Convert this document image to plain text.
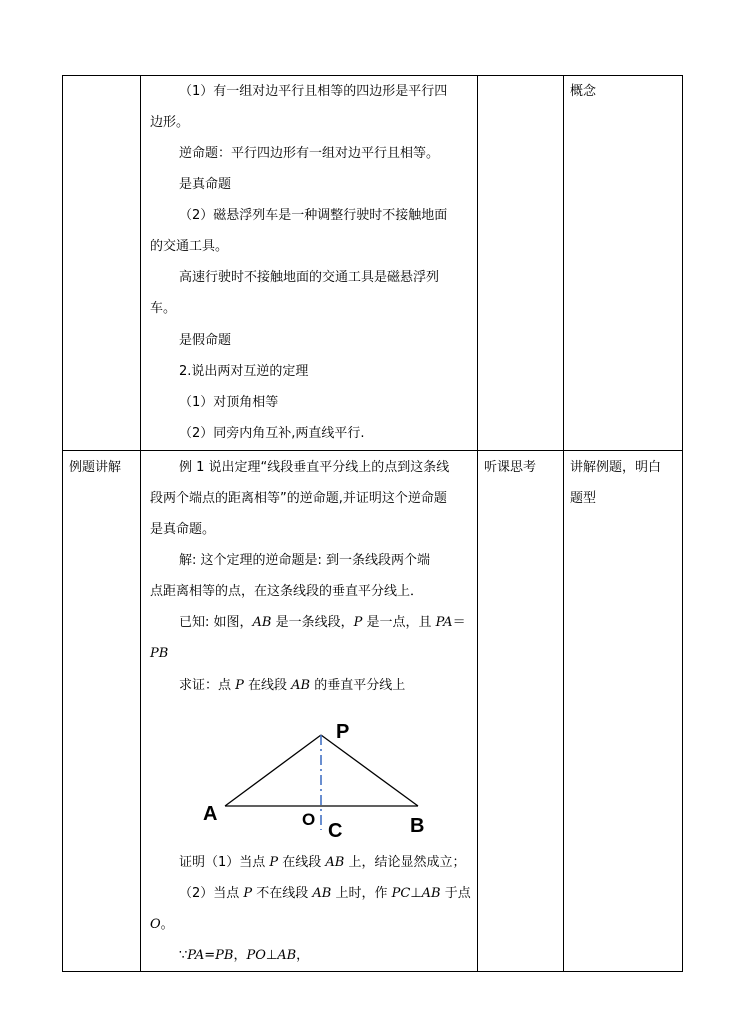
（1）有一组对边平行且相等的四边形是平行四
边形。
逆命题：平行四边形有一组对边平行且相等。
是真命题
（2）磁悬浮列车是一种调整行驶时不接触地面
的交通工具。
高速行驶时不接触地面的交通工具是磁悬浮列
车。
是假命题
2.说出两对互逆的定理
（1）对顶角相等
（2）同旁内角互补,两直线平行.
概念
例题讲解	听课思考	讲解例题，明白
题型
例 1 说出定理“线段垂直平分线上的点到这条线
段两个端点的距离相等”的逆命题,并证明这个逆命题
是真命题。
解: 这个定理的逆命题是: 到一条线段两个端
点距离相等的点，在这条线段的垂直平分线上．
已知: 如图，AB 是一条线段，P 是一点，且 PA＝
PB
求证：点 P 在线段 AB 的垂直平分线上
P
A
B
O
C
证明（1）当点 P 在线段 AB 上，结论显然成立；
（2）当点 P 不在线段 AB 上时，作 PC⊥AB 于点
O。
∵PA=PB，PO⊥AB，
